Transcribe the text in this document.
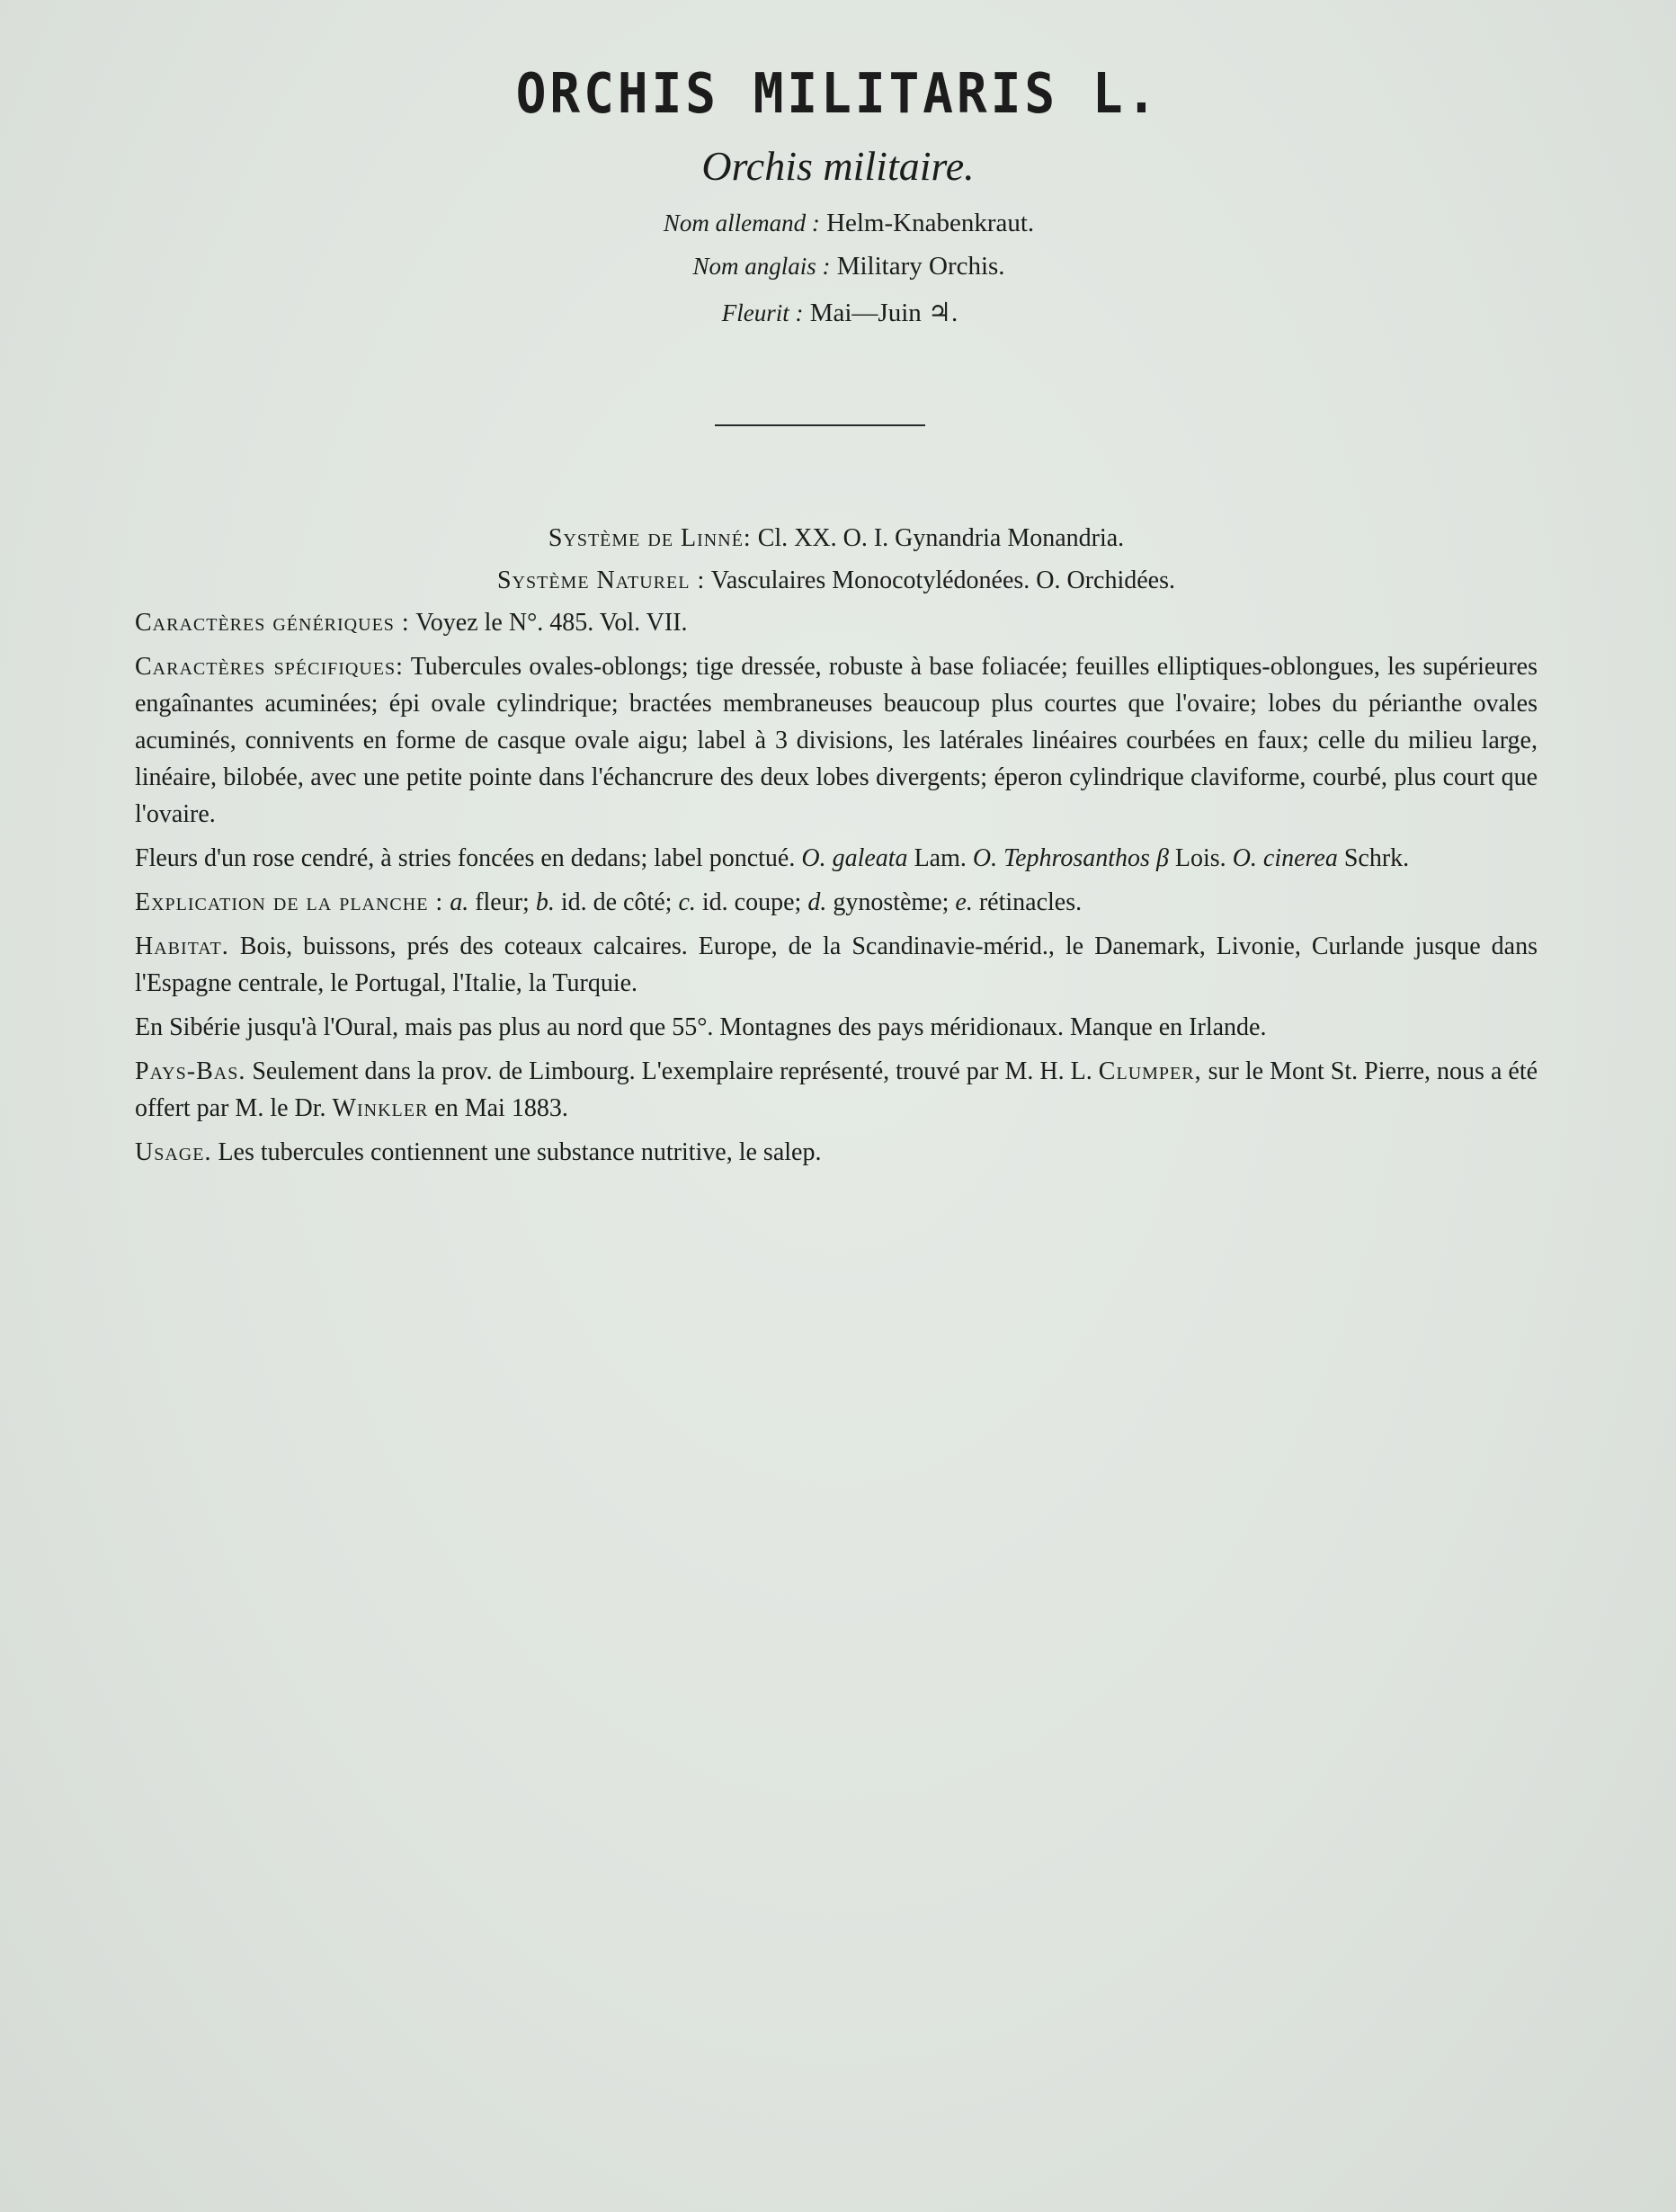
ORCHIS MILITARIS L.
Orchis militaire.
Nom allemand : Helm-Knabenkraut.
Nom anglais : Military Orchis.
Fleurit : Mai—Juin ♃.

Système de Linné: Cl. XX. O. I. Gynandria Monandria.

Système Naturel : Vasculaires Monocotylédonées. O. Orchidées.

Caractères génériques : Voyez le N°. 485. Vol. VII.

Caractères spécifiques: Tubercules ovales-oblongs; tige dressée, robuste à base foliacée; feuilles elliptiques-oblongues, les supérieures engaînantes acuminées; épi ovale cylindrique; bractées membraneuses beaucoup plus courtes que l'ovaire; lobes du périanthe ovales acuminés, connivents en forme de casque ovale aigu; label à 3 divisions, les latérales linéaires courbées en faux; celle du milieu large, linéaire, bilobée, avec une petite pointe dans l'échancrure des deux lobes divergents; éperon cylindrique claviforme, courbé, plus court que l'ovaire.

Fleurs d'un rose cendré, à stries foncées en dedans; label ponctué. O. galeata Lam. O. Tephrosanthos β Lois. O. cinerea Schrk.

Explication de la planche : a. fleur; b. id. de côté; c. id. coupe; d. gynostème; e. rétinacles.

Habitat. Bois, buissons, prés des coteaux calcaires. Europe, de la Scandinavie-mérid., le Danemark, Livonie, Curlande jusque dans l'Espagne centrale, le Portugal, l'Italie, la Turquie.

En Sibérie jusqu'à l'Oural, mais pas plus au nord que 55°. Montagnes des pays méridionaux. Manque en Irlande.

Pays-Bas. Seulement dans la prov. de Limbourg. L'exemplaire représenté, trouvé par M. H. L. Clumper, sur le Mont St. Pierre, nous a été offert par M. le Dr. Winkler en Mai 1883.

Usage. Les tubercules contiennent une substance nutritive, le salep.
